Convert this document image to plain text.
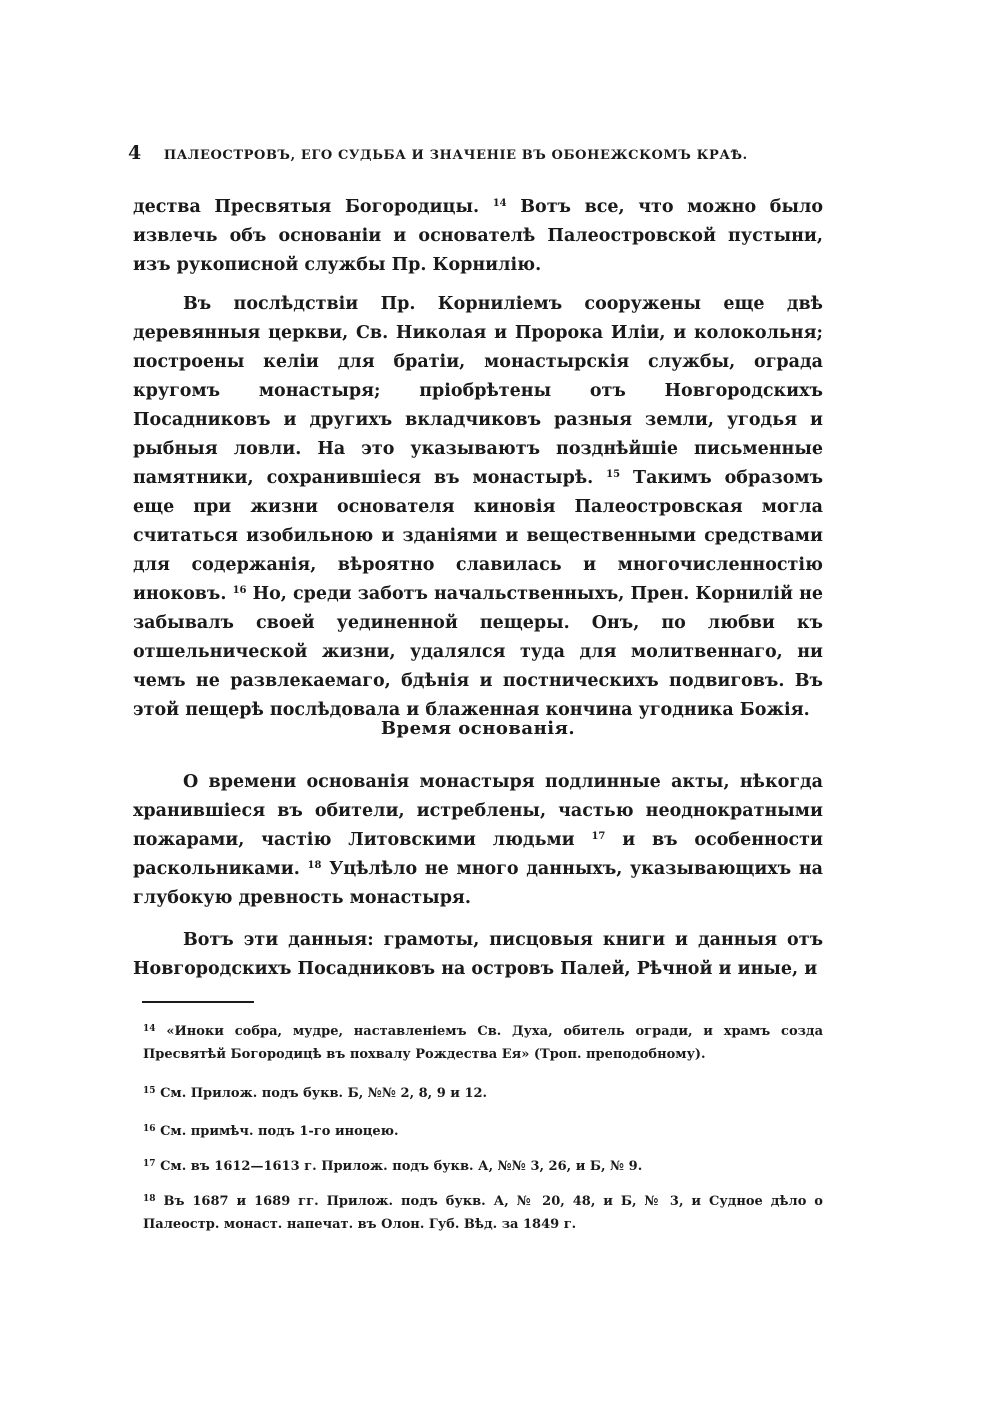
4 ПАЛЕОСТРОВЪ, ЕГО СУДЬБА И ЗНАЧЕНІЕ ВЪ ОБОНЕЖСКОМЪ КРАѢ.

дества Пресвятыя Богородицы. $^{14}$ Вотъ все, что можно было извлечь объ основаніи и основателѣ Палеостровской пустыни, изъ рукописной службы Пр. Корнилію.

Въ послѣдствіи Пр. Корниліемъ сооружены еще двѣ деревянныя церкви, Св. Николая и Пророка Иліи, и колокольня; построены келіи для братіи, монастырскія службы, ограда кругомъ монастыря; пріобрѣтены отъ Новгородскихъ Посадниковъ и другихъ вкладчиковъ разныя земли, угодья и рыбныя ловли. На это указываютъ позднѣйшіе письменные памятники, сохранившіеся въ монастырѣ. $^{15}$ Такимъ образомъ еще при жизни основателя киновія Палеостровская могла считаться изобильною и зданіями и вещественными средствами для содержанія, вѣроятно славилась и многочисленностію иноковъ. $^{16}$ Но, среди заботъ начальственныхъ, Прен. Корнилій не забывалъ своей уединенной пещеры. Онъ, по любви къ отшельнической жизни, удалялся туда для молитвеннаго, ни чемъ не развлекаемаго, бдѣнія и постническихъ подвиговъ. Въ этой пещерѣ послѣдовала и блаженная кончина угодника Божія.

Время основанія.

О времени основанія монастыря подлинные акты, нѣкогда хранившіеся въ обители, истреблены, частью неоднократными пожарами, частію Литовскими людьми $^{17}$ и въ особенности раскольниками. $^{18}$ Уцѣлѣло не много данныхъ, указывающихъ на глубокую древность монастыря.

Вотъ эти данныя: грамоты, писцовыя книги и данныя отъ Новгородскихъ Посадниковъ на островъ Палей, Рѣчной и иные, и

$^{14}$ «Иноки собра, мудре, наставленіемъ Св. Духа, обитель огради, и храмъ созда Пресвятѣй Богородицѣ въ похвалу Рождества Ея» (Троп. преподобному).

$^{15}$ См. Прилож. подъ букв. Б, №№ 2, 8, 9 и 12.

$^{16}$ См. примѣч. подъ 1-го иноцею.

$^{17}$ См. въ 1612—1613 г. Прилож. подъ букв. А, №№ 3, 26, и Б, № 9.

$^{18}$ Въ 1687 и 1689 гг. Прилож. подъ букв. А, № 20, 48, и Б, № 3, и Судное дѣло о Палеостр. монаст. напечат. въ Олон. Губ. Вѣд. за 1849 г.
